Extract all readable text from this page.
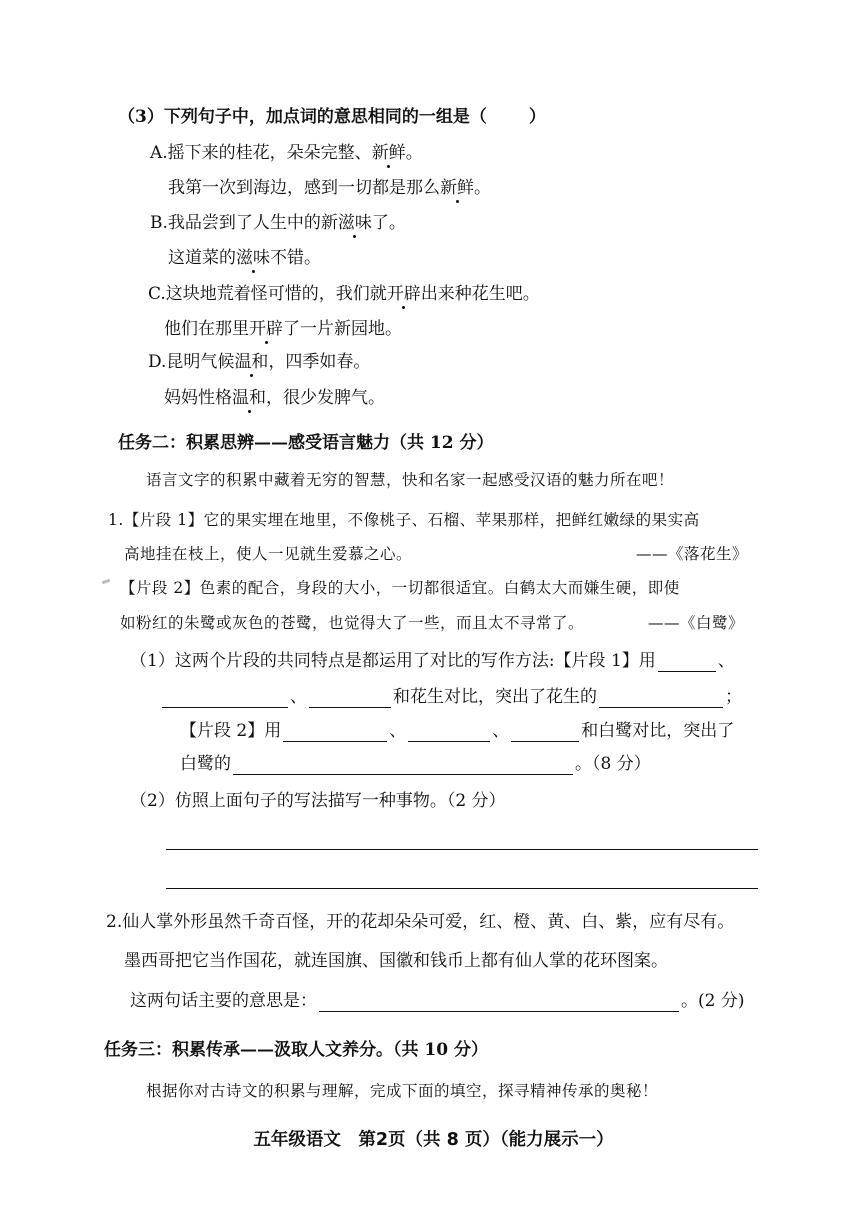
（3）下列句子中，加点词的意思相同的一组是（ ）
A.摇下来的桂花，朵朵完整、新鲜。
我第一次到海边，感到一切都是那么新鲜。
B.我品尝到了人生中的新滋味了。
这道菜的滋味不错。
C.这块地荒着怪可惜的，我们就开辟出来种花生吧。
他们在那里开辟了一片新园地。
D.昆明气候温和，四季如春。
妈妈性格温和，很少发脾气。
任务二：积累思辨——感受语言魅力（共 12 分）
语言文字的积累中藏着无穷的智慧，快和名家一起感受汉语的魅力所在吧！
1.【片段 1】它的果实埋在地里，不像桃子、石榴、苹果那样，把鲜红嫩绿的果实高
高地挂在枝上，使人一见就生爱慕之心。	——《落花生》
【片段 2】色素的配合，身段的大小，一切都很适宜。白鹤太大而嫌生硬，即使
如粉红的朱鹭或灰色的苍鹭，也觉得大了一些，而且太不寻常了。	——《白鹭》
（1）这两个片段的共同特点是都运用了对比的写作方法:【片段 1】用	、
、	和花生对比，突出了花生的	；
【片段 2】用	、	、	和白鹭对比，突出了
白鹭的	。（8 分）
（2）仿照上面句子的写法描写一种事物。（2 分）
2.仙人掌外形虽然千奇百怪，开的花却朵朵可爱，红、橙、黄、白、紫，应有尽有。
墨西哥把它当作国花，就连国旗、国徽和钱币上都有仙人掌的花环图案。
这两句话主要的意思是：	。(2 分)
任务三：积累传承——汲取人文养分。（共 10 分）
根据你对古诗文的积累与理解，完成下面的填空，探寻精神传承的奥秘！
五年级语文　第2页（共 8 页）（能力展示一）
